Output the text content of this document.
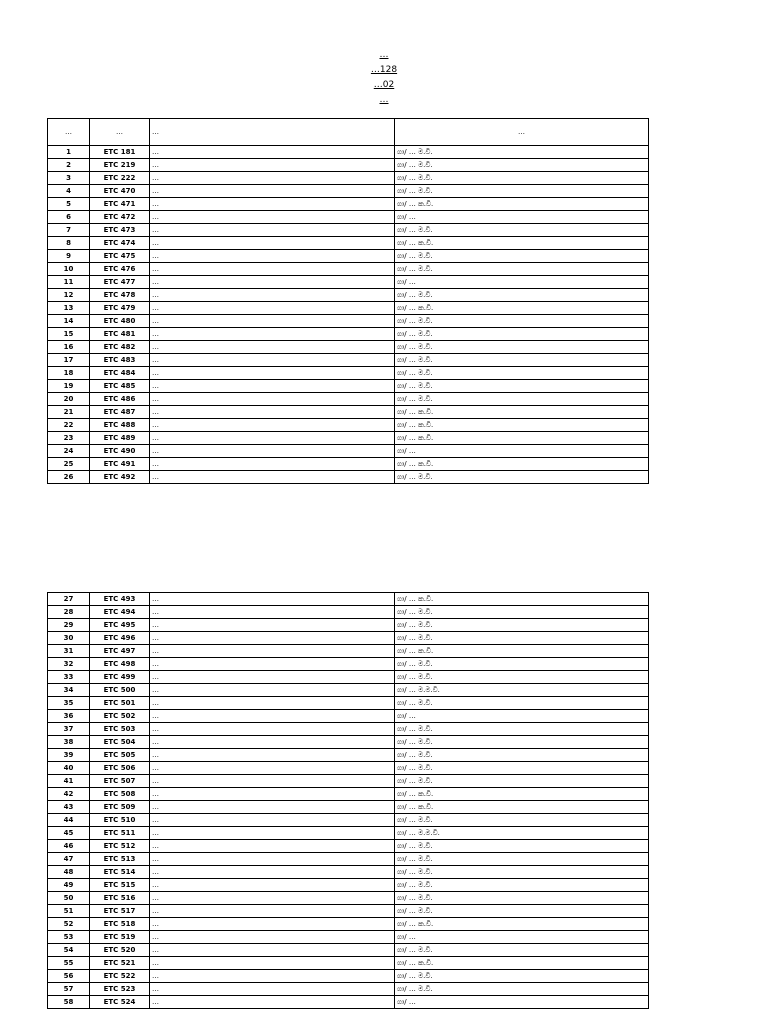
…
…128
…02
…
…	…	…	…
1	ETC 181	…	ගා/ … ම.වි.
2	ETC 219	…	ගා/ … ම.වි.
3	ETC 222	…	ගා/ … ම.වි.
4	ETC 470	…	ගා/ … ම.වි.
5	ETC 471	…	ගා/ … ක.වි.
6	ETC 472	…	ගා/ …
7	ETC 473	…	ගා/ … ම.වි.
8	ETC 474	…	ගා/ … ක.වි.
9	ETC 475	…	ගා/ … ම.වි.
10	ETC 476	…	ගා/ … ම.වි.
11	ETC 477	…	ගා/ …
12	ETC 478	…	ගා/ … ම.වි.
13	ETC 479	…	ගා/ … ක.වි.
14	ETC 480	…	ගා/ … ම.වි.
15	ETC 481	…	ගා/ … ම.වි.
16	ETC 482	…	ගා/ … ම.වි.
17	ETC 483	…	ගා/ … ම.වි.
18	ETC 484	…	ගා/ … ම.වි.
19	ETC 485	…	ගා/ … ම.වි.
20	ETC 486	…	ගා/ … ම.වි.
21	ETC 487	…	ගා/ … ක.වි.
22	ETC 488	…	ගා/ … ක.වි.
23	ETC 489	…	ගා/ … ක.වි.
24	ETC 490	…	ගා/ …
25	ETC 491	…	ගා/ … ක.වි.
26	ETC 492	…	ගා/ … ම.වි.
27	ETC 493	…	ගා/ … ක.වි.
28	ETC 494	…	ගා/ … ම.වි.
29	ETC 495	…	ගා/ … ම.වි.
30	ETC 496	…	ගා/ … ම.වි.
31	ETC 497	…	ගා/ … ක.වි.
32	ETC 498	…	ගා/ … ම.වි.
33	ETC 499	…	ගා/ … ම.වි.
34	ETC 500	…	ගා/ … ම.ම.වි.
35	ETC 501	…	ගා/ … ම.වි.
36	ETC 502	…	ගා/ …
37	ETC 503	…	ගා/ … ම.වි.
38	ETC 504	…	ගා/ … ම.වි.
39	ETC 505	…	ගා/ … ම.වි.
40	ETC 506	…	ගා/ … ම.වි.
41	ETC 507	…	ගා/ … ම.වි.
42	ETC 508	…	ගා/ … ක.වි.
43	ETC 509	…	ගා/ … ක.වි.
44	ETC 510	…	ගා/ … ම.වි.
45	ETC 511	…	ගා/ … ම.ම.වි.
46	ETC 512	…	ගා/ … ම.වි.
47	ETC 513	…	ගා/ … ම.වි.
48	ETC 514	…	ගා/ … ම.වි.
49	ETC 515	…	ගා/ … ම.වි.
50	ETC 516	…	ගා/ … ම.වි.
51	ETC 517	…	ගා/ … ම.වි.
52	ETC 518	…	ගා/ … ක.වි.
53	ETC 519	…	ගා/ …
54	ETC 520	…	ගා/ … ම.වි.
55	ETC 521	…	ගා/ … ක.වි.
56	ETC 522	…	ගා/ … ම.වි.
57	ETC 523	…	ගා/ … ම.වි.
58	ETC 524	…	ගා/ …
